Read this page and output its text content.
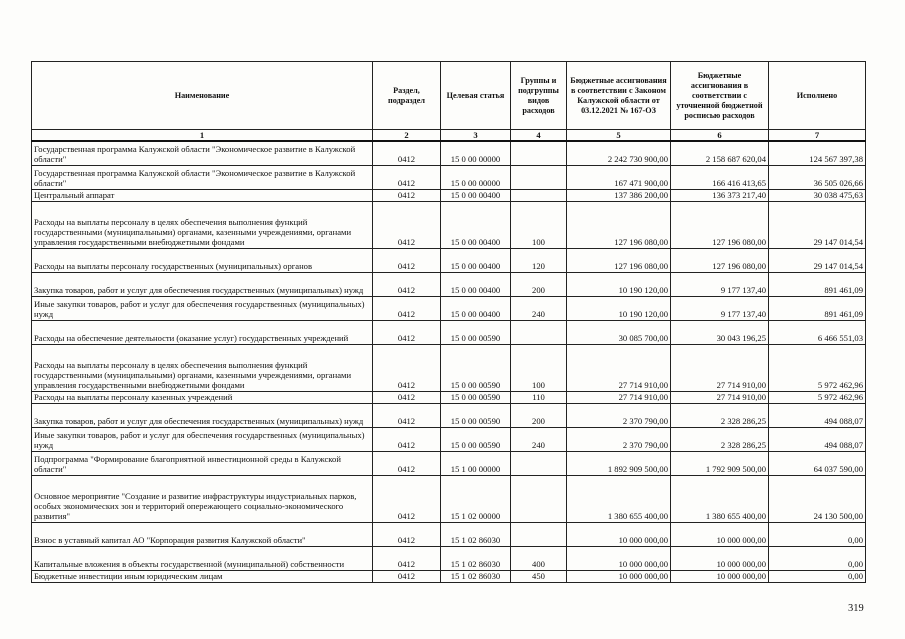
Наименование	Раздел, подраздел	Целевая статья	Группы и подгруппы видов расходов	Бюджетные ассигнования в соответствии с Законом Калужской области от 03.12.2021 № 167-ОЗ	Бюджетные ассигнования в соответствии с уточненной бюджетной росписью расходов	Исполнено
1	2	3	4	5	6	7
Государственная программа Калужской области "Экономическое развитие в Калужской области"	0412	15 0 00 00000		2 242 730 900,00	2 158 687 620,04	124 567 397,38
Государственная программа Калужской области "Экономическое развитие в Калужской области"	0412	15 0 00 00000		167 471 900,00	166 416 413,65	36 505 026,66
Центральный аппарат	0412	15 0 00 00400		137 386 200,00	136 373 217,40	30 038 475,63
Расходы на выплаты персоналу в целях обеспечения выполнения функций государственными (муниципальными) органами, казенными учреждениями, органами управления государственными внебюджетными фондами	0412	15 0 00 00400	100	127 196 080,00	127 196 080,00	29 147 014,54
Расходы на выплаты персоналу государственных (муниципальных) органов	0412	15 0 00 00400	120	127 196 080,00	127 196 080,00	29 147 014,54
Закупка товаров, работ и услуг для обеспечения государственных (муниципальных) нужд	0412	15 0 00 00400	200	10 190 120,00	9 177 137,40	891 461,09
Иные закупки товаров, работ и услуг для обеспечения государственных (муниципальных) нужд	0412	15 0 00 00400	240	10 190 120,00	9 177 137,40	891 461,09
Расходы на обеспечение деятельности (оказание услуг) государственных учреждений	0412	15 0 00 00590		30 085 700,00	30 043 196,25	6 466 551,03
Расходы на выплаты персоналу в целях обеспечения выполнения функций государственными (муниципальными) органами, казенными учреждениями, органами управления государственными внебюджетными фондами	0412	15 0 00 00590	100	27 714 910,00	27 714 910,00	5 972 462,96
Расходы на выплаты персоналу казенных учреждений	0412	15 0 00 00590	110	27 714 910,00	27 714 910,00	5 972 462,96
Закупка товаров, работ и услуг для обеспечения государственных (муниципальных) нужд	0412	15 0 00 00590	200	2 370 790,00	2 328 286,25	494 088,07
Иные закупки товаров, работ и услуг для обеспечения государственных (муниципальных) нужд	0412	15 0 00 00590	240	2 370 790,00	2 328 286,25	494 088,07
Подпрограмма "Формирование благоприятной инвестиционной среды в Калужской области"	0412	15 1 00 00000		1 892 909 500,00	1 792 909 500,00	64 037 590,00
Основное мероприятие "Создание и развитие инфраструктуры индустриальных парков, особых экономических зон и территорий опережающего социально-экономического развития"	0412	15 1 02 00000		1 380 655 400,00	1 380 655 400,00	24 130 500,00
Взнос в уставный капитал АО "Корпорация развития Калужской области"	0412	15 1 02 86030		10 000 000,00	10 000 000,00	0,00
Капитальные вложения в объекты государственной (муниципальной) собственности	0412	15 1 02 86030	400	10 000 000,00	10 000 000,00	0,00
Бюджетные инвестиции иным юридическим лицам	0412	15 1 02 86030	450	10 000 000,00	10 000 000,00	0,00
319
